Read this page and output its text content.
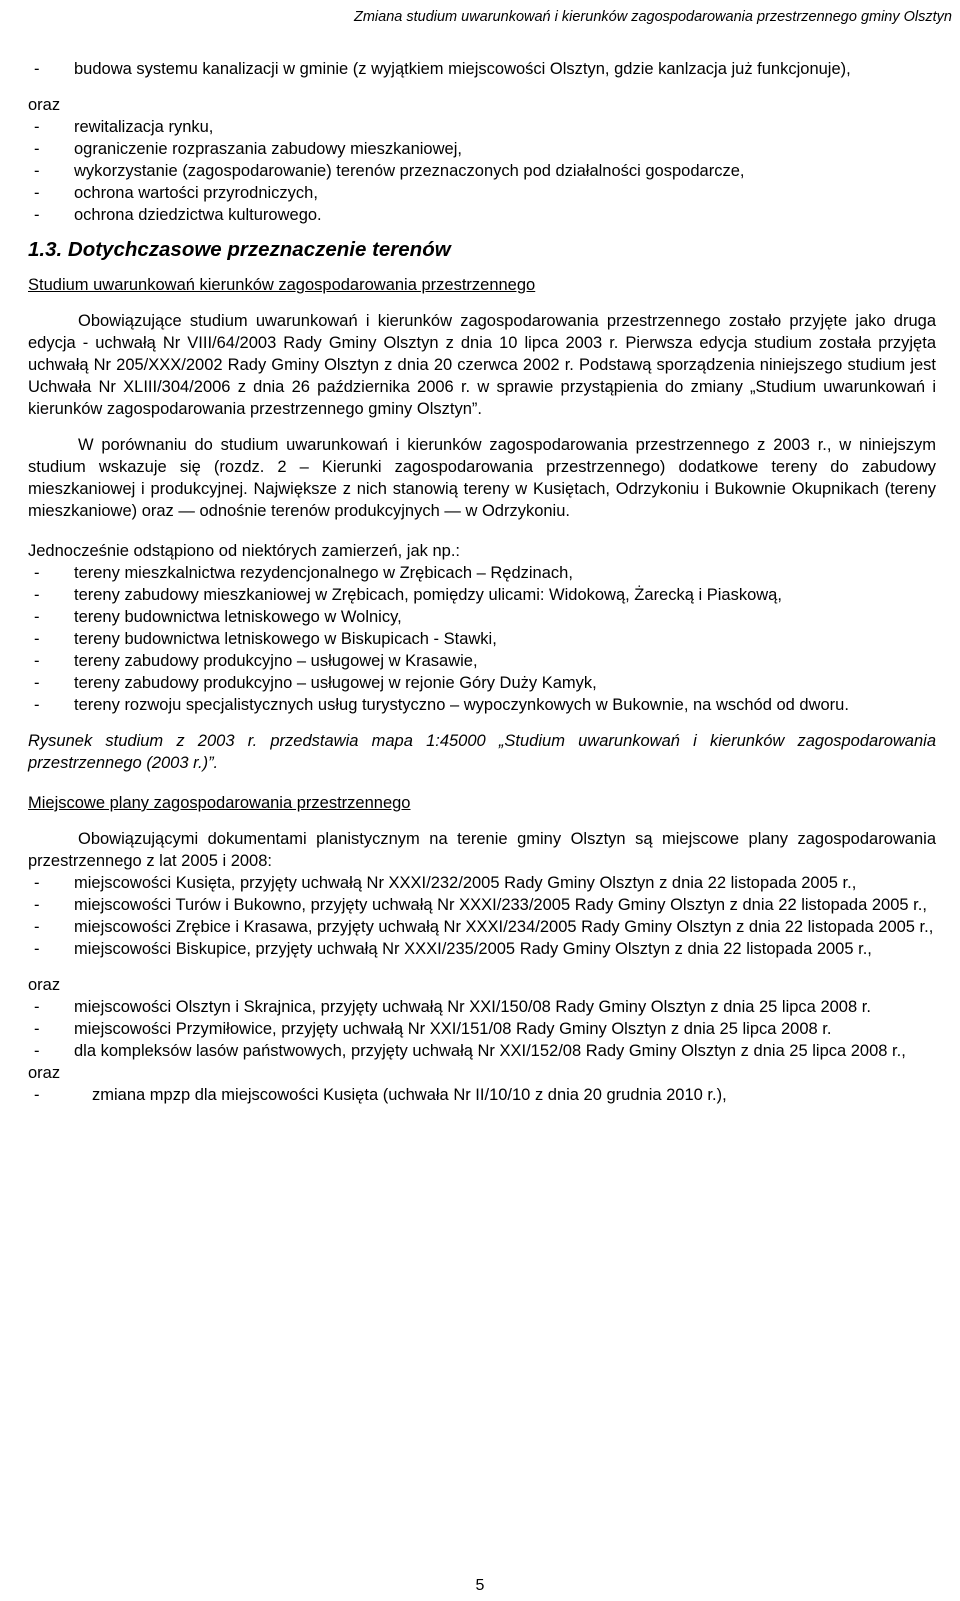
Zmiana studium uwarunkowań i kierunków zagospodarowania przestrzennego gminy Olsztyn
-	budowa systemu kanalizacji w gminie (z wyjątkiem miejscowości Olsztyn, gdzie kanlzacja już funkcjonuje),
oraz
-	rewitalizacja rynku,
-	ograniczenie rozpraszania zabudowy mieszkaniowej,
-	wykorzystanie (zagospodarowanie) terenów przeznaczonych pod działalności gospodarcze,
-	ochrona wartości przyrodniczych,
-	ochrona dziedzictwa kulturowego.
1.3. Dotychczasowe przeznaczenie terenów
Studium uwarunkowań kierunków zagospodarowania przestrzennego
Obowiązujące studium uwarunkowań i kierunków zagospodarowania przestrzennego zostało przyjęte jako druga edycja - uchwałą Nr VIII/64/2003 Rady Gminy Olsztyn z dnia 10 lipca 2003 r. Pierwsza edycja studium została przyjęta uchwałą Nr 205/XXX/2002 Rady Gminy Olsztyn z dnia 20 czerwca 2002 r. Podstawą sporządzenia niniejszego studium jest Uchwała Nr XLIII/304/2006 z dnia 26 października 2006 r. w sprawie przystąpienia do zmiany „Studium uwarunkowań i kierunków zagospodarowania przestrzennego gminy Olsztyn”.
W porównaniu do studium uwarunkowań i kierunków zagospodarowania przestrzennego z 2003 r., w niniejszym studium wskazuje się (rozdz. 2 – Kierunki zagospodarowania przestrzennego) dodatkowe tereny do zabudowy mieszkaniowej i produkcyjnej. Największe z nich stanowią tereny w Kusiętach, Odrzykoniu i Bukownie Okupnikach (tereny mieszkaniowe) oraz — odnośnie terenów produkcyjnych — w Odrzykoniu.
Jednocześnie odstąpiono od niektórych zamierzeń, jak np.:
-	tereny mieszkalnictwa rezydencjonalnego w Zrębicach – Rędzinach,
-	tereny zabudowy mieszkaniowej w Zrębicach, pomiędzy ulicami: Widokową, Żarecką i Piaskową,
-	tereny budownictwa letniskowego w Wolnicy,
-	tereny budownictwa letniskowego w Biskupicach - Stawki,
-	tereny zabudowy produkcyjno – usługowej w Krasawie,
-	tereny zabudowy produkcyjno – usługowej w rejonie Góry Duży Kamyk,
-	tereny rozwoju specjalistycznych usług turystyczno – wypoczynkowych w Bukownie, na wschód od dworu.
Rysunek studium z 2003 r. przedstawia mapa 1:45000 „Studium uwarunkowań i kierunków zagospodarowania przestrzennego (2003 r.)”.
Miejscowe plany zagospodarowania przestrzennego
Obowiązującymi dokumentami planistycznym na terenie gminy Olsztyn są miejscowe plany zagospodarowania przestrzennego z lat 2005 i 2008:
-	miejscowości Kusięta, przyjęty uchwałą Nr XXXI/232/2005 Rady Gminy Olsztyn z dnia 22 listopada 2005 r.,
-	miejscowości Turów i Bukowno, przyjęty uchwałą Nr XXXI/233/2005 Rady Gminy Olsztyn z dnia 22 listopada 2005 r.,
-	miejscowości Zrębice i Krasawa, przyjęty uchwałą Nr XXXI/234/2005 Rady Gminy Olsztyn z dnia 22 listopada 2005 r.,
-	miejscowości Biskupice, przyjęty uchwałą Nr XXXI/235/2005 Rady Gminy Olsztyn z dnia 22 listopada 2005 r.,
oraz
-	miejscowości Olsztyn i Skrajnica, przyjęty uchwałą Nr XXI/150/08 Rady Gminy Olsztyn z dnia 25 lipca 2008 r.
-	miejscowości Przymiłowice, przyjęty uchwałą Nr XXI/151/08 Rady Gminy Olsztyn z dnia 25 lipca 2008 r.
-	dla kompleksów lasów państwowych, przyjęty uchwałą Nr XXI/152/08 Rady Gminy Olsztyn z dnia 25 lipca 2008 r.,
oraz
-	zmiana mpzp dla miejscowości Kusięta (uchwała Nr II/10/10 z dnia 20 grudnia 2010 r.),
5
